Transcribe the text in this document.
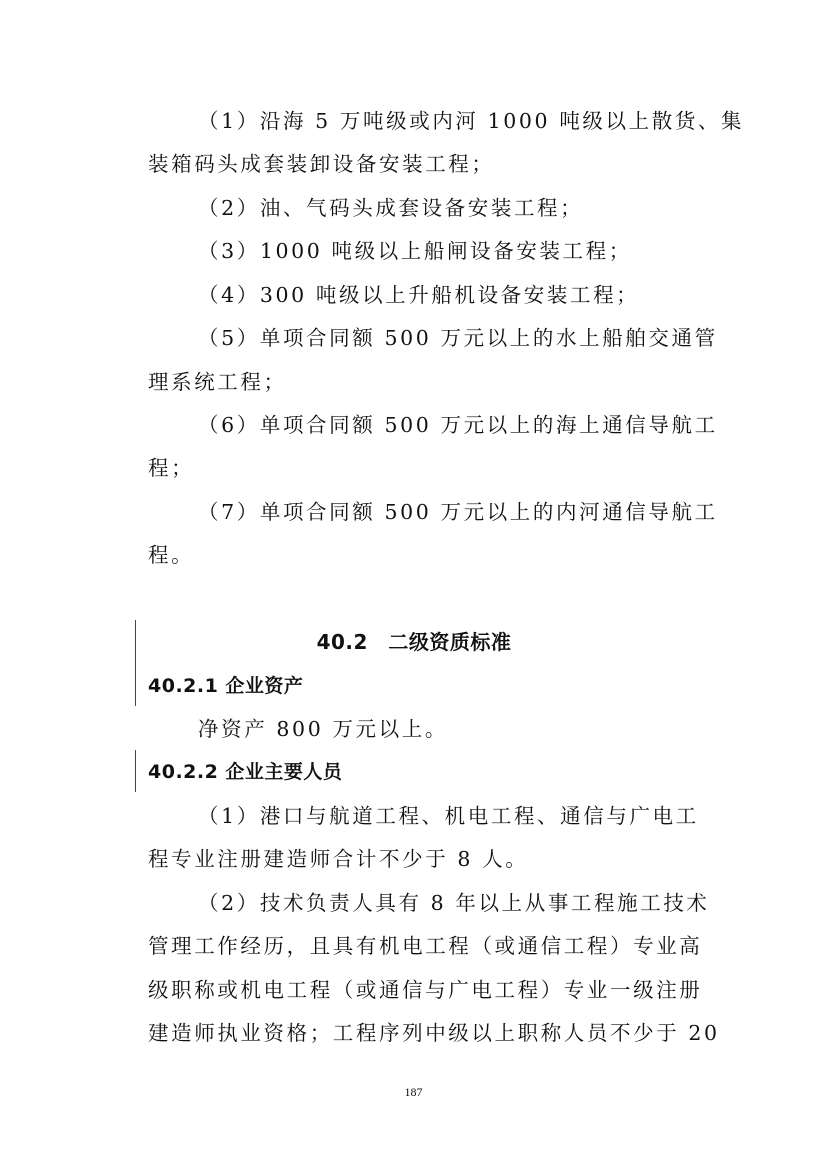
（1）沿海 5 万吨级或内河 1000 吨级以上散货、集
装箱码头成套装卸设备安装工程；
（2）油、气码头成套设备安装工程；
（3）1000 吨级以上船闸设备安装工程；
（4）300 吨级以上升船机设备安装工程；
（5）单项合同额 500 万元以上的水上船舶交通管
理系统工程；
（6）单项合同额 500 万元以上的海上通信导航工
程；
（7）单项合同额 500 万元以上的内河通信导航工
程。
40.2　二级资质标准
40.2.1 企业资产
净资产 800 万元以上。
40.2.2 企业主要人员
（1）港口与航道工程、机电工程、通信与广电工
程专业注册建造师合计不少于 8 人。
（2）技术负责人具有 8 年以上从事工程施工技术
管理工作经历，且具有机电工程（或通信工程）专业高
级职称或机电工程（或通信与广电工程）专业一级注册
建造师执业资格；工程序列中级以上职称人员不少于 20
187
